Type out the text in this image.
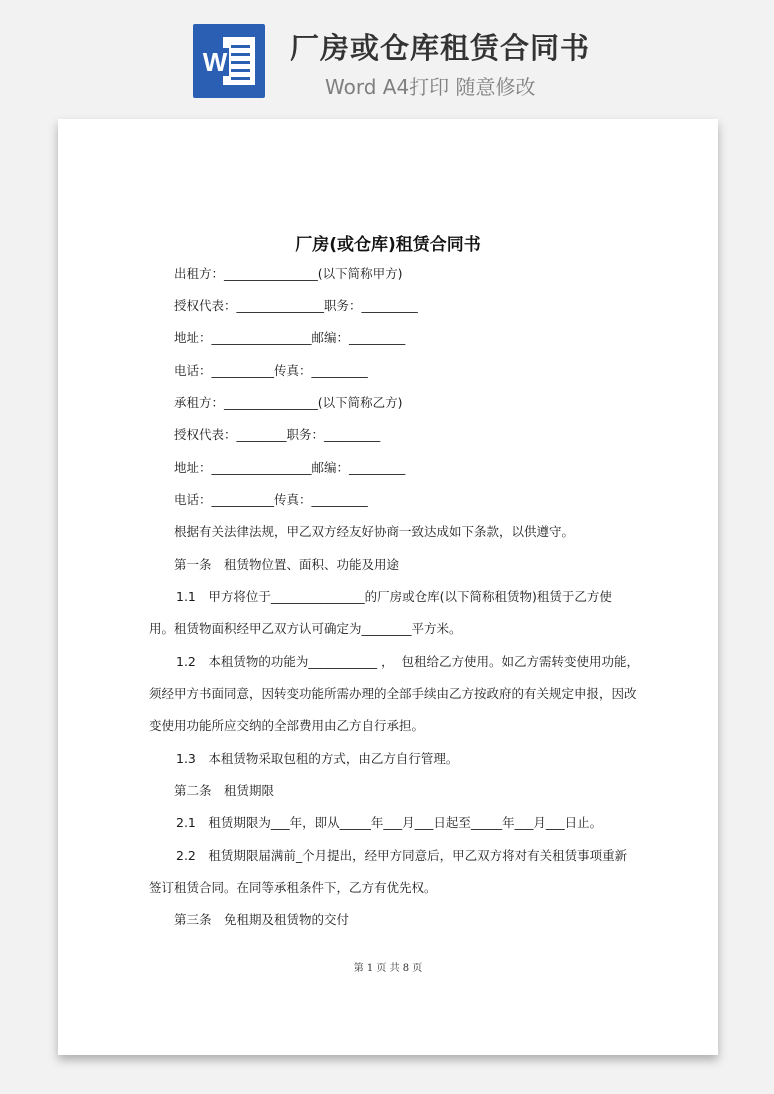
W 厂房或仓库租赁合同书
Word A4打印 随意修改
厂房(或仓库)租赁合同书
出租方：_______________(以下简称甲方)
授权代表：______________职务：_________
地址：________________邮编：_________
电话：__________传真：_________
承租方：_______________(以下简称乙方)
授权代表：________职务：_________
地址：________________邮编：_________
电话：__________传真：_________
根据有关法律法规，甲乙双方经友好协商一致达成如下条款，以供遵守。
第一条　租赁物位置、面积、功能及用途
1.1　甲方将位于_______________的厂房或仓库(以下简称租赁物)租赁于乙方使
用。租赁物面积经甲乙双方认可确定为________平方米。
1.2　本租赁物的功能为___________ ，  包租给乙方使用。如乙方需转变使用功能，
须经甲方书面同意，因转变功能所需办理的全部手续由乙方按政府的有关规定申报，因改
变使用功能所应交纳的全部费用由乙方自行承担。
1.3　本租赁物采取包租的方式，由乙方自行管理。
第二条　租赁期限
2.1　租赁期限为___年，即从_____年___月___日起至_____年___月___日止。
2.2　租赁期限届满前_个月提出，经甲方同意后，甲乙双方将对有关租赁事项重新
签订租赁合同。在同等承租条件下，乙方有优先权。
第三条　免租期及租赁物的交付
第 1 页 共 8 页
